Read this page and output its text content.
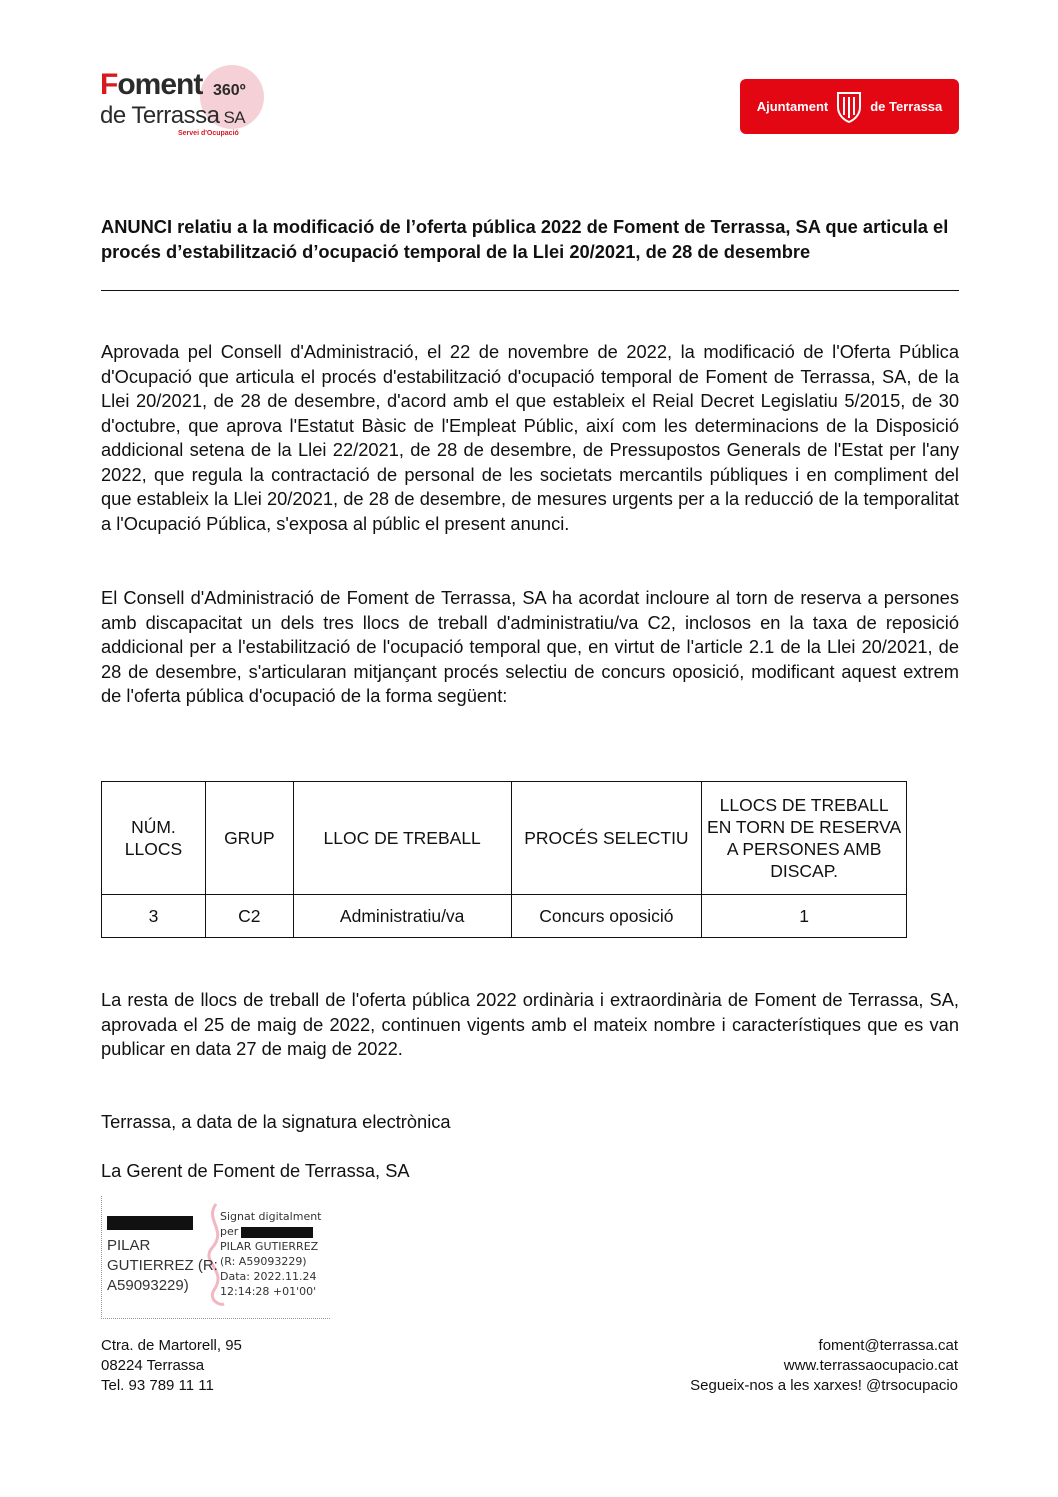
Foment 360º
de Terrassa SA
Servei d'Ocupació
Ajuntament	de Terrassa
ANUNCI relatiu a la modificació de l’oferta pública 2022 de Foment de Terrassa, SA que articula el procés d’estabilització d’ocupació temporal de la Llei 20/2021, de 28 de desembre

Aprovada pel Consell d'Administració, el 22 de novembre de 2022, la modificació de l'Oferta Pública d'Ocupació que articula el procés d'estabilització d'ocupació temporal de Foment de Terrassa, SA, de la Llei 20/2021, de 28 de desembre, d'acord amb el que estableix el Reial Decret Legislatiu 5/2015, de 30 d'octubre, que aprova l'Estatut Bàsic de l'Empleat Públic, així com les determinacions de la Disposició addicional setena de la Llei 22/2021, de 28 de desembre, de Pressupostos Generals de l'Estat per l'any 2022, que regula la contractació de personal de les societats mercantils públiques i en compliment del que estableix la Llei 20/2021, de 28 de desembre, de mesures urgents per a la reducció de la temporalitat a l'Ocupació Pública, s'exposa al públic el present anunci.

El Consell d'Administració de Foment de Terrassa, SA ha acordat incloure al torn de reserva a persones amb discapacitat un dels tres llocs de treball d'administratiu/va C2, inclosos en la taxa de reposició addicional per a l'estabilització de l'ocupació temporal que, en virtut de l'article 2.1 de la Llei 20/2021, de 28 de desembre, s'articularan mitjançant procés selectiu de concurs oposició, modificant aquest extrem de l'oferta pública d'ocupació de la forma següent:

NÚM. LLOCS	GRUP	LLOC DE TREBALL	PROCÉS SELECTIU	LLOCS DE TREBALL EN TORN DE RESERVA A PERSONES AMB DISCAP.
3	C2	Administratiu/va	Concurs oposició	1

La resta de llocs de treball de l'oferta pública 2022 ordinària i extraordinària de Foment de Terrassa, SA, aprovada el 25 de maig de 2022, continuen vigents amb el mateix nombre i característiques que es van publicar en data 27 de maig de 2022.

Terrassa, a data de la signatura electrònica

La Gerent de Foment de Terrassa, SA

PILAR
GUTIERREZ (R:
A59093229)
Signat digitalment
per
PILAR GUTIERREZ
(R: A59093229)
Data: 2022.11.24
12:14:28 +01'00'
Ctra. de Martorell, 95
08224 Terrassa
Tel. 93 789 11 11
foment@terrassa.cat
www.terrassaocupacio.cat
Segueix-nos a les xarxes! @trsocupacio
